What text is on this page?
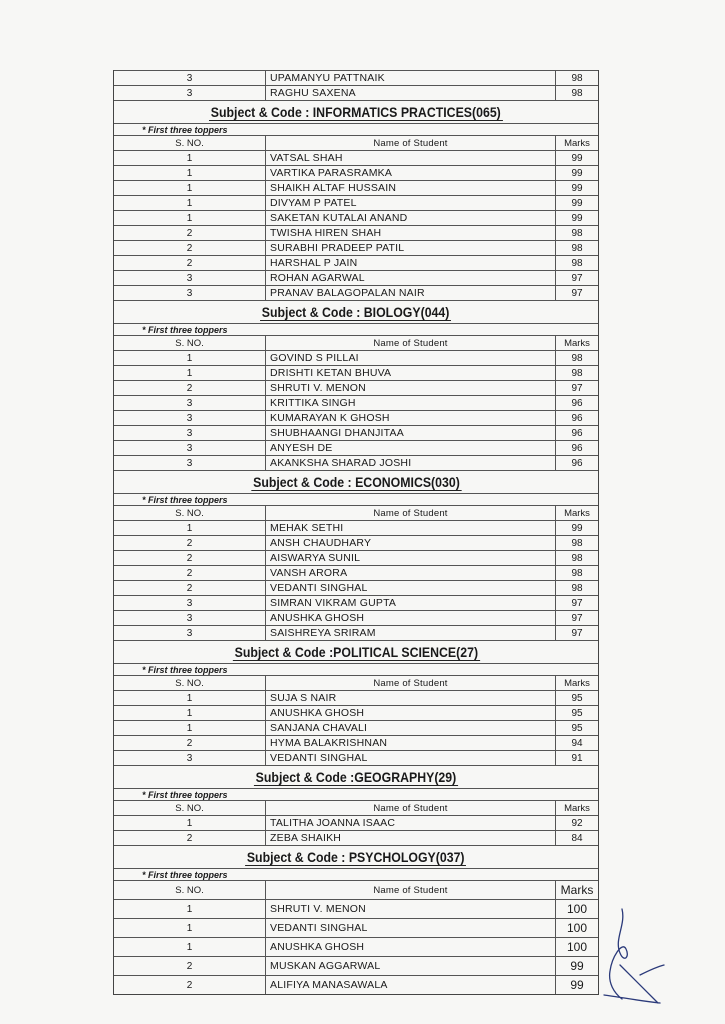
3	UPAMANYU PATTNAIK	98
3	RAGHU SAXENA	98
Subject & Code : INFORMATICS PRACTICES(065)
* First three toppers
S. NO.	Name of Student	Marks
1	VATSAL SHAH	99
1	VARTIKA PARASRAMKA	99
1	SHAIKH ALTAF HUSSAIN	99
1	DIVYAM P PATEL	99
1	SAKETAN KUTALAI ANAND	99
2	TWISHA HIREN SHAH	98
2	SURABHI PRADEEP PATIL	98
2	HARSHAL P JAIN	98
3	ROHAN AGARWAL	97
3	PRANAV BALAGOPALAN NAIR	97
Subject & Code : BIOLOGY(044)
* First three toppers
S. NO.	Name of Student	Marks
1	GOVIND S PILLAI	98
1	DRISHTI KETAN BHUVA	98
2	SHRUTI V. MENON	97
3	KRITTIKA SINGH	96
3	KUMARAYAN K GHOSH	96
3	SHUBHAANGI DHANJITAA	96
3	ANYESH DE	96
3	AKANKSHA SHARAD JOSHI	96
Subject & Code : ECONOMICS(030)
* First three toppers
S. NO.	Name of Student	Marks
1	MEHAK SETHI	99
2	ANSH CHAUDHARY	98
2	AISWARYA SUNIL	98
2	VANSH ARORA	98
2	VEDANTI SINGHAL	98
3	SIMRAN VIKRAM GUPTA	97
3	ANUSHKA GHOSH	97
3	SAISHREYA SRIRAM	97
Subject & Code :POLITICAL SCIENCE(27)
* First three toppers
S. NO.	Name of Student	Marks
1	SUJA S NAIR	95
1	ANUSHKA GHOSH	95
1	SANJANA CHAVALI	95
2	HYMA BALAKRISHNAN	94
3	VEDANTI SINGHAL	91
Subject & Code :GEOGRAPHY(29)
* First three toppers
S. NO.	Name of Student	Marks
1	TALITHA JOANNA ISAAC	92
2	ZEBA SHAIKH	84
Subject & Code : PSYCHOLOGY(037)
* First three toppers
S. NO.	Name of Student	Marks
1	SHRUTI V. MENON	100
1	VEDANTI SINGHAL	100
1	ANUSHKA GHOSH	100
2	MUSKAN AGGARWAL	99
2	ALIFIYA MANASAWALA	99
